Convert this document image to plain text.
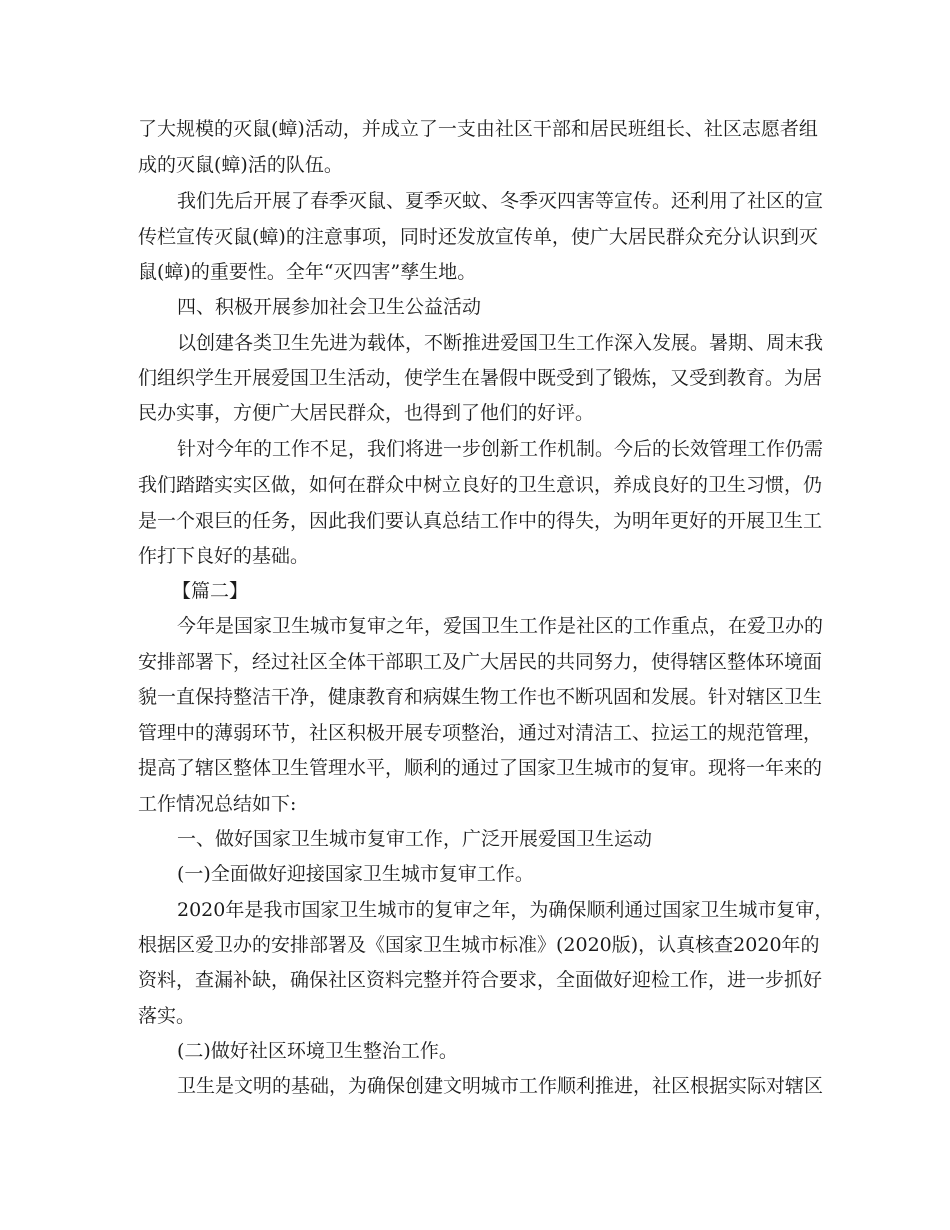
了大规模的灭鼠(蟑)活动，并成立了一支由社区干部和居民班组长、社区志愿者组
成的灭鼠(蟑)活的队伍。
我们先后开展了春季灭鼠、夏季灭蚊、冬季灭四害等宣传。还利用了社区的宣
传栏宣传灭鼠(蟑)的注意事项，同时还发放宣传单，使广大居民群众充分认识到灭
鼠(蟑)的重要性。全年“灭四害”孳生地。
四、积极开展参加社会卫生公益活动
以创建各类卫生先进为载体，不断推进爱国卫生工作深入发展。暑期、周末我
们组织学生开展爱国卫生活动，使学生在暑假中既受到了锻炼，又受到教育。为居
民办实事，方便广大居民群众，也得到了他们的好评。
针对今年的工作不足，我们将进一步创新工作机制。今后的长效管理工作仍需
我们踏踏实实区做，如何在群众中树立良好的卫生意识，养成良好的卫生习惯，仍
是一个艰巨的任务，因此我们要认真总结工作中的得失，为明年更好的开展卫生工
作打下良好的基础。
【篇二】
今年是国家卫生城市复审之年，爱国卫生工作是社区的工作重点，在爱卫办的
安排部署下，经过社区全体干部职工及广大居民的共同努力，使得辖区整体环境面
貌一直保持整洁干净，健康教育和病媒生物工作也不断巩固和发展。针对辖区卫生
管理中的薄弱环节，社区积极开展专项整治，通过对清洁工、拉运工的规范管理，
提高了辖区整体卫生管理水平，顺利的通过了国家卫生城市的复审。现将一年来的
工作情况总结如下:
一、做好国家卫生城市复审工作，广泛开展爱国卫生运动
(一)全面做好迎接国家卫生城市复审工作。
2020年是我市国家卫生城市的复审之年，为确保顺利通过国家卫生城市复审，
根据区爱卫办的安排部署及《国家卫生城市标准》(2020版)，认真核查2020年的
资料，查漏补缺，确保社区资料完整并符合要求，全面做好迎检工作，进一步抓好
落实。
(二)做好社区环境卫生整治工作。
卫生是文明的基础，为确保创建文明城市工作顺利推进，社区根据实际对辖区
